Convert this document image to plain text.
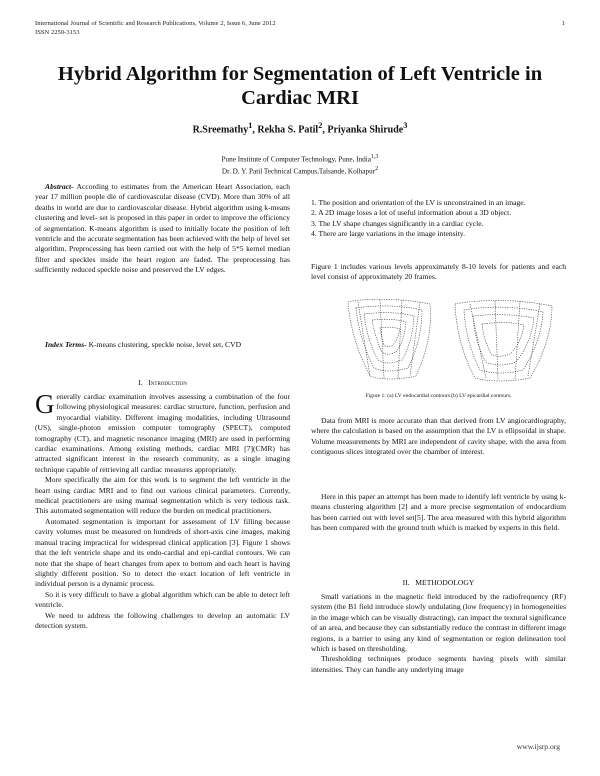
International Journal of Scientific and Research Publications, Volume 2, Issue 6, June 2012
ISSN 2250-3153
1
Hybrid Algorithm for Segmentation of Left Ventricle in Cardiac MRI
R.Sreemathy$^1$, Rekha S. Patil$^2$, Priyanka Shirude$^3$
Pune Institute of Computer Technology, Pune, India$^{1,3}$
Dr. D. Y. Patil Technical Campus,Talsande, Kolhapur$^2$

Abstract- According to estimates from the American Heart Association, each year 17 million people die of cardiovascular disease (CVD). More than 30% of all deaths in world are due to cardiovascular disease. Hybrid algorithm using k-means clustering and level- set is proposed in this paper in order to improve the efficiency of segmentation. K-means algorithm is used to initially locate the position of left ventricle and the accurate segmentation has been achieved with the help of level set algorithm. Preprocessing has been carried out with the help of 5*5 kernel median filter and speckles inside the heart region are faded. The preprocessing has sufficiently reduced speckle noise and preserved the LV edges.

Index Terms- K-means clustering, speckle noise, level set, CVD

I. Introduction

Generally cardiac examination involves assessing a combination of the four following physiological measures: cardiac structure, function, perfusion and myocardial viability. Different imaging modalities, including Ultrasound (US), single-photon emission computer tomography (SPECT), computed tomography (CT), and magnetic resonance imaging (MRI) are used in performing cardiac examinations. Among existing methods, cardiac MRI [7](CMR) has attracted significant interest in the research community, as a single imaging technique capable of retrieving all cardiac measures appropriately.

More specifically the aim for this work is to segment the left ventricle in the heart using cardiac MRI and to find out various clinical parameters. Currently, medical practitioners are using manual segmentation which is very tedious task. This automated segmentation will reduce the burden on medical practitioners.

Automated segmentation is important for assessment of LV filling because cavity volumes must be measured on hundreds of short-axis cine images, making manual tracing impractical for widespread clinical application [3]. Figure 1 shows that the left ventricle shape and its endo-cardial and epi-cardial contours. We can note that the shape of heart changes from apex to bottom and each heart is having slightly different position. So to detect the exact location of left ventricle in individual person is a dynamic process.

So it is very difficult to have a global algorithm which can be able to detect left ventricle.

We need to address the following challenges to develop an automatic LV detection system.

1. The position and orientation of the LV is unconstrained in an image.

2. A 2D image loses a lot of useful information about a 3D object.

3. The LV shape changes significantly in a cardiac cycle.

4. There are large variations in the image intensity.

Figure 1 includes various levels approximately 8-10 levels for patients and each level consist of approximately 20 frames.

Figure 1: (a) LV endocardial contours (b) LV epicardial contours,

Data from MRI is more accurate than that derived from LV angiocardiography, where the calculation is based on the assumption that the LV is ellipsoidal in shape. Volume measurements by MRI are independent of cavity shape, with the area from contiguous slices integrated over the chamber of interest.

Here in this paper an attempt has been made to identify left ventricle by using k-means clustering algorithm [2] and a more precise segmentation of endocardium has been carried out with level set[5]. The area measured with this hybrid algorithm has been compared with the ground truth which is marked by experts in this field.

II. METHODOLOGY

Small variations in the magnetic field introduced by the radiofrequency (RF) system (the B1 field introduce slowly undulating (low frequency) in homogeneities in the image which can be visually distracting), can impact the textural significance of an area, and because they can substantially reduce the contrast in different image regions, is a barrier to using any kind of segmentation or region delineation tool which is based on thresholding.

Thresholding techniques produce segments having pixels with similar intensities. They can handle any underlying image

www.ijsrp.org
